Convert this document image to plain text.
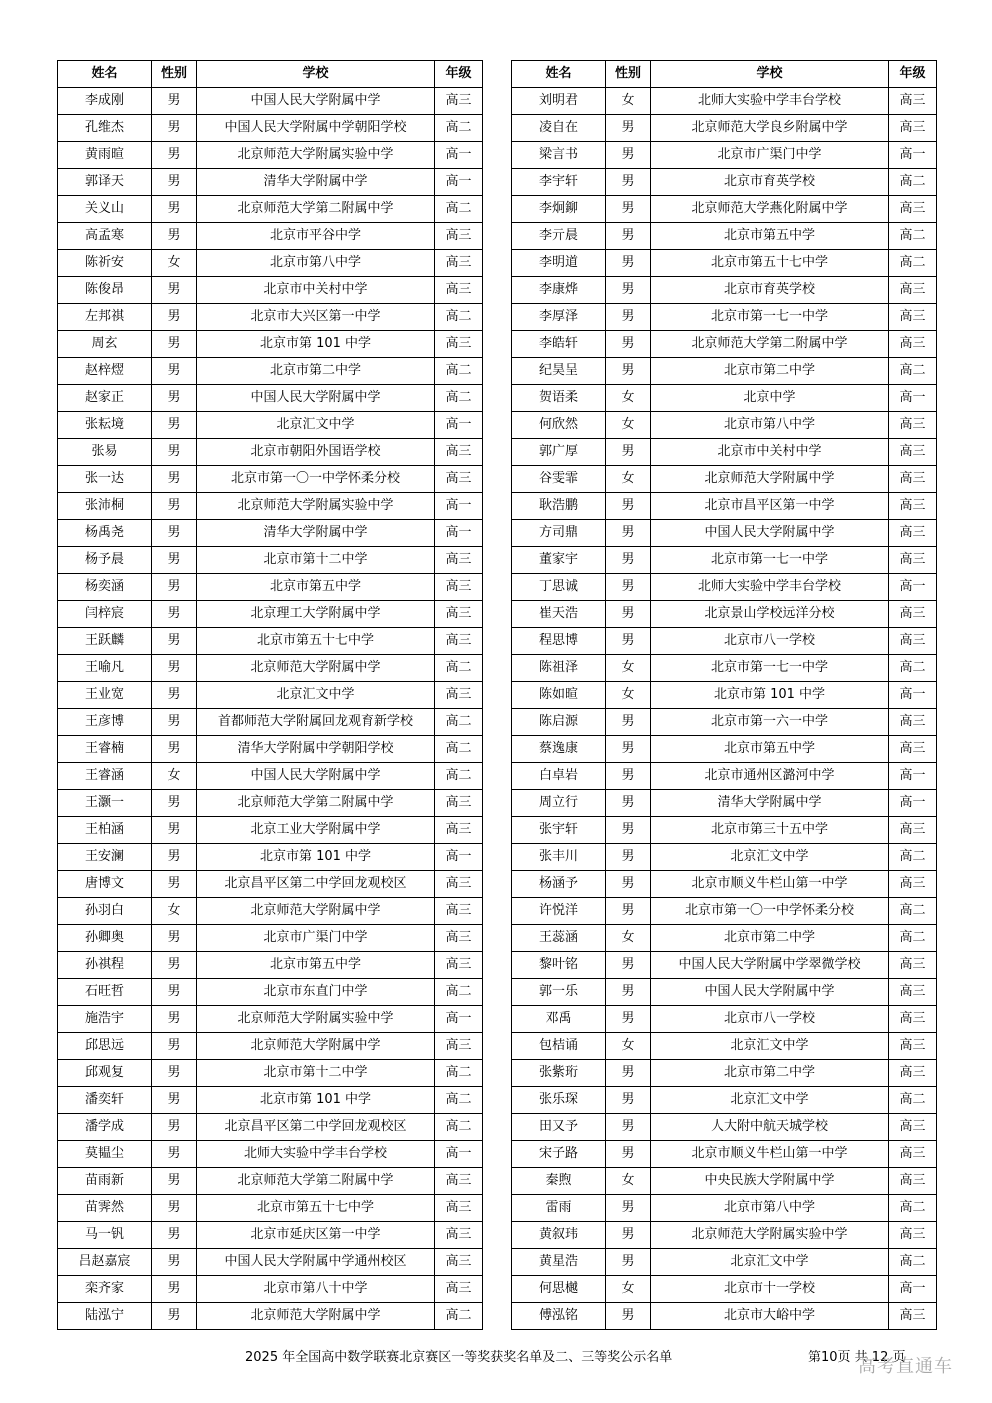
姓名	性别	学校	年级
李成刚	男	中国人民大学附属中学	高三
孔维杰	男	中国人民大学附属中学朝阳学校	高二
黄雨暄	男	北京师范大学附属实验中学	高一
郭译天	男	清华大学附属中学	高一
关义山	男	北京师范大学第二附属中学	高二
高孟寒	男	北京市平谷中学	高三
陈祈安	女	北京市第八中学	高三
陈俊昂	男	北京市中关村中学	高三
左邦祺	男	北京市大兴区第一中学	高二
周玄	男	北京市第 101 中学	高三
赵梓熤	男	北京市第二中学	高二
赵家正	男	中国人民大学附属中学	高二
张耘境	男	北京汇文中学	高一
张易	男	北京市朝阳外国语学校	高三
张一达	男	北京市第一〇一中学怀柔分校	高三
张沛桐	男	北京师范大学附属实验中学	高一
杨禹尧	男	清华大学附属中学	高一
杨予晨	男	北京市第十二中学	高三
杨奕涵	男	北京市第五中学	高三
闫梓宸	男	北京理工大学附属中学	高三
王跃麟	男	北京市第五十七中学	高三
王喻凡	男	北京师范大学附属中学	高二
王业宽	男	北京汇文中学	高三
王彦博	男	首都师范大学附属回龙观育新学校	高二
王睿楠	男	清华大学附属中学朝阳学校	高二
王睿涵	女	中国人民大学附属中学	高二
王灏一	男	北京师范大学第二附属中学	高三
王柏涵	男	北京工业大学附属中学	高三
王安澜	男	北京市第 101 中学	高一
唐博文	男	北京昌平区第二中学回龙观校区	高三
孙羽白	女	北京师范大学附属中学	高三
孙卿奥	男	北京市广渠门中学	高三
孙祺程	男	北京市第五中学	高三
石旺哲	男	北京市东直门中学	高二
施浩宇	男	北京师范大学附属实验中学	高一
邱思远	男	北京师范大学附属中学	高三
邱观复	男	北京市第十二中学	高二
潘奕轩	男	北京市第 101 中学	高二
潘学成	男	北京昌平区第二中学回龙观校区	高二
莫韫尘	男	北师大实验中学丰台学校	高一
苗雨新	男	北京师范大学第二附属中学	高三
苗霁然	男	北京市第五十七中学	高三
马一钒	男	北京市延庆区第一中学	高三
吕赵嘉宸	男	中国人民大学附属中学通州校区	高三
栾齐家	男	北京市第八十中学	高三
陆泓宁	男	北京师范大学附属中学	高二
姓名	性别	学校	年级
刘明君	女	北师大实验中学丰台学校	高三
凌自在	男	北京师范大学良乡附属中学	高三
梁言书	男	北京市广渠门中学	高一
李宇轩	男	北京市育英学校	高二
李炯鉚	男	北京师范大学燕化附属中学	高三
李亓晨	男	北京市第五中学	高二
李明道	男	北京市第五十七中学	高二
李康烨	男	北京市育英学校	高三
李厚泽	男	北京市第一七一中学	高三
李皓轩	男	北京师范大学第二附属中学	高三
纪昊呈	男	北京市第二中学	高二
贺语柔	女	北京中学	高一
何欣然	女	北京市第八中学	高三
郭广厚	男	北京市中关村中学	高三
谷雯霏	女	北京师范大学附属中学	高三
耿浩鹏	男	北京市昌平区第一中学	高三
方司鼎	男	中国人民大学附属中学	高三
董家宇	男	北京市第一七一中学	高三
丁思诚	男	北师大实验中学丰台学校	高一
崔天浩	男	北京景山学校远洋分校	高三
程思博	男	北京市八一学校	高三
陈祖泽	女	北京市第一七一中学	高二
陈如暄	女	北京市第 101 中学	高一
陈启源	男	北京市第一六一中学	高三
蔡逸康	男	北京市第五中学	高三
白卓岩	男	北京市通州区潞河中学	高一
周立行	男	清华大学附属中学	高一
张宇轩	男	北京市第三十五中学	高三
张丰川	男	北京汇文中学	高二
杨涵予	男	北京市顺义牛栏山第一中学	高三
许悦洋	男	北京市第一〇一中学怀柔分校	高二
王蕊涵	女	北京市第二中学	高二
黎叶铭	男	中国人民大学附属中学翠微学校	高三
郭一乐	男	中国人民大学附属中学	高三
邓禹	男	北京市八一学校	高三
包桔诵	女	北京汇文中学	高三
张紫珩	男	北京市第二中学	高三
张乐琛	男	北京汇文中学	高二
田又予	男	人大附中航天城学校	高三
宋子路	男	北京市顺义牛栏山第一中学	高三
秦煦	女	中央民族大学附属中学	高三
雷雨	男	北京市第八中学	高二
黄叙玮	男	北京师范大学附属实验中学	高三
黄星浩	男	北京汇文中学	高二
何思樾	女	北京市十一学校	高一
傅泓铭	男	北京市大峪中学	高三
2025 年全国高中数学联赛北京赛区一等奖获奖名单及二、三等奖公示名单	第10页 共 12 页
高考直通车
